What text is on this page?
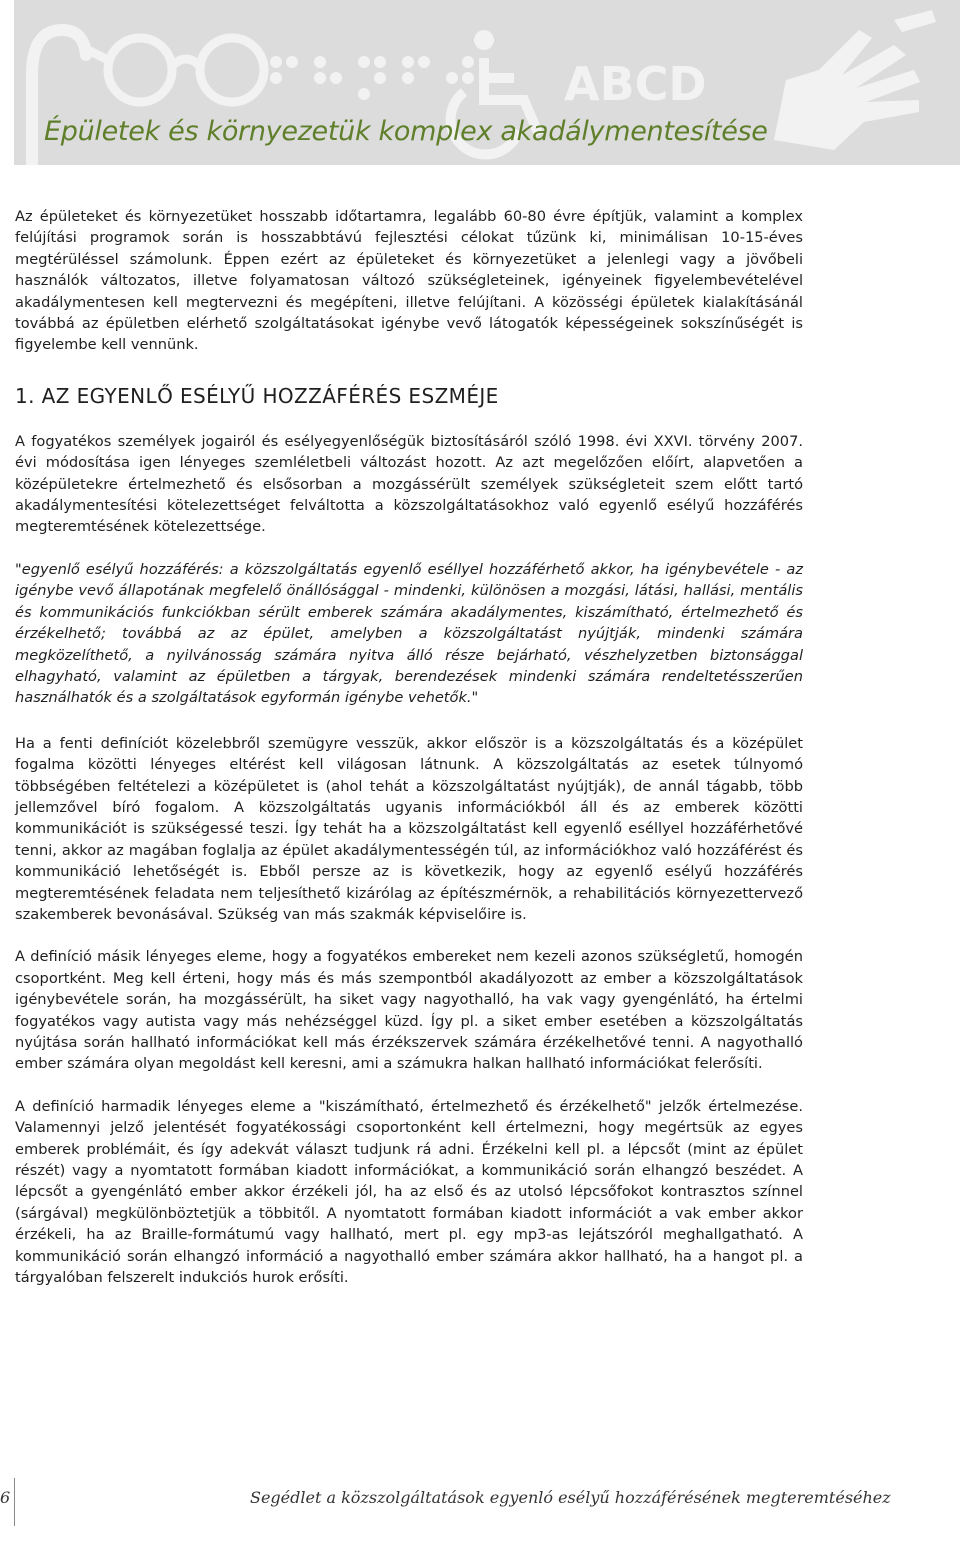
ABCD
Épületek és környezetük komplex akadálymentesítése

Az épületeket és környezetüket hosszabb időtartamra, legalább 60-80 évre építjük, valamint a komplex felújítási programok során is hosszabbtávú fejlesztési célokat tűzünk ki, minimálisan 10-15-éves megtérüléssel számolunk. Éppen ezért az épületeket és környezetüket a jelenlegi vagy a jövőbeli használók változatos, illetve folyamatosan változó szükségleteinek, igényeinek figyelembevételével akadálymentesen kell megtervezni és megépíteni, illetve felújítani. A közösségi épületek kialakításánál továbbá az épületben elérhető szolgáltatásokat igénybe vevő látogatók képességeinek sokszínűségét is figyelembe kell vennünk.

1. AZ EGYENLŐ ESÉLYŰ HOZZÁFÉRÉS ESZMÉJE

A fogyatékos személyek jogairól és esélyegyenlőségük biztosításáról szóló 1998. évi XXVI. törvény 2007. évi módosítása igen lényeges szemléletbeli változást hozott. Az azt megelőzően előírt, alapvetően a középületekre értelmezhető és elsősorban a mozgássérült személyek szükségleteit szem előtt tartó akadálymentesítési kötelezettséget felváltotta a közszolgáltatásokhoz való egyenlő esélyű hozzáférés megteremtésének kötelezettsége.

"egyenlő esélyű hozzáférés: a közszolgáltatás egyenlő eséllyel hozzáférhető akkor, ha igénybevétele - az igénybe vevő állapotának megfelelő önállósággal - mindenki, különösen a mozgási, látási, hallási, mentális és kommunikációs funkciókban sérült emberek számára akadálymentes, kiszámítható, értelmezhető és érzékelhető; továbbá az az épület, amelyben a közszolgáltatást nyújtják, mindenki számára megközelíthető, a nyilvánosság számára nyitva álló része bejárható, vészhelyzetben biztonsággal elhagyható, valamint az épületben a tárgyak, berendezések mindenki számára rendeltetésszerűen használhatók és a szolgáltatások egyformán igénybe vehetők."

Ha a fenti definíciót közelebbről szemügyre vesszük, akkor először is a közszolgáltatás és a középület fogalma közötti lényeges eltérést kell világosan látnunk. A közszolgáltatás az esetek túlnyomó többségében feltételezi a középületet is (ahol tehát a közszolgáltatást nyújtják), de annál tágabb, több jellemzővel bíró fogalom. A közszolgáltatás ugyanis információkból áll és az emberek közötti kommunikációt is szükségessé teszi. Így tehát ha a közszolgáltatást kell egyenlő eséllyel hozzáférhetővé tenni, akkor az magában foglalja az épület akadálymentességén túl, az információkhoz való hozzáférést és kommunikáció lehetőségét is. Ebből persze az is következik, hogy az egyenlő esélyű hozzáférés megteremtésének feladata nem teljesíthető kizárólag az építészmérnök, a rehabilitációs környezettervező szakemberek bevonásával. Szükség van más szakmák képviselőire is.

A definíció másik lényeges eleme, hogy a fogyatékos embereket nem kezeli azonos szükségletű, homogén csoportként. Meg kell érteni, hogy más és más szempontból akadályozott az ember a közszolgáltatások igénybevétele során, ha mozgássérült, ha siket vagy nagyothalló, ha vak vagy gyengénlátó, ha értelmi fogyatékos vagy autista vagy más nehézséggel küzd. Így pl. a siket ember esetében a közszolgáltatás nyújtása során hallható információkat kell más érzékszervek számára érzékelhetővé tenni. A nagyothalló ember számára olyan megoldást kell keresni, ami a számukra halkan hallható információkat felerősíti.

A definíció harmadik lényeges eleme a "kiszámítható, értelmezhető és érzékelhető" jelzők értelmezése. Valamennyi jelző jelentését fogyatékossági csoportonként kell értelmezni, hogy megértsük az egyes emberek problémáit, és így adekvát választ tudjunk rá adni. Érzékelni kell pl. a lépcsőt (mint az épület részét) vagy a nyomtatott formában kiadott információkat, a kommunikáció során elhangzó beszédet. A lépcsőt a gyengénlátó ember akkor érzékeli jól, ha az első és az utolsó lépcsőfokot kontrasztos színnel (sárgával) megkülönböztetjük a többitől. A nyomtatott formában kiadott információt a vak ember akkor érzékeli, ha az Braille-formátumú vagy hallható, mert pl. egy mp3-as lejátszóról meghallgatható. A kommunikáció során elhangzó információ a nagyothalló ember számára akkor hallható, ha a hangot pl. a tárgyalóban felszerelt indukciós hurok erősíti.

6	Segédlet a közszolgáltatások egyenló esélyű hozzáférésének megteremtéséhez
